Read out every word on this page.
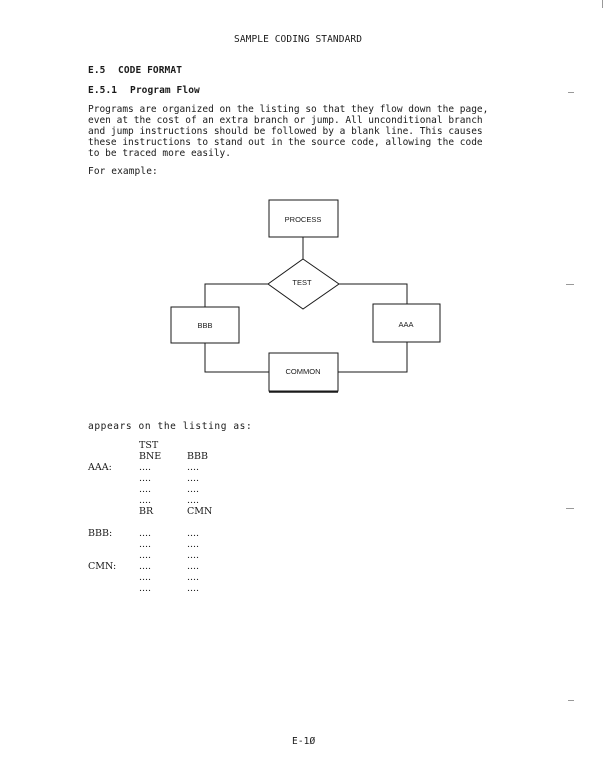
SAMPLE CODING STANDARD
E.5 CODE FORMAT
E.5.1 Program Flow
Programs are organized on the listing so that they flow down the page,
even at the cost of an extra branch or jump. All unconditional branch
and jump instructions should be followed by a blank line. This causes
these instructions to stand out in the source code, allowing the code
to be traced more easily.
For example:
PROCESS
TEST
BBB	AAA
COMMON
appears on the listing as:
AAA:
BBB:
CMN:
TST
BNE
....
....
....
....
BR
....
....
....
....
....
....
BBB
....
....
....
....
CMN
....
....
....
....
....
....
E-1Ø
